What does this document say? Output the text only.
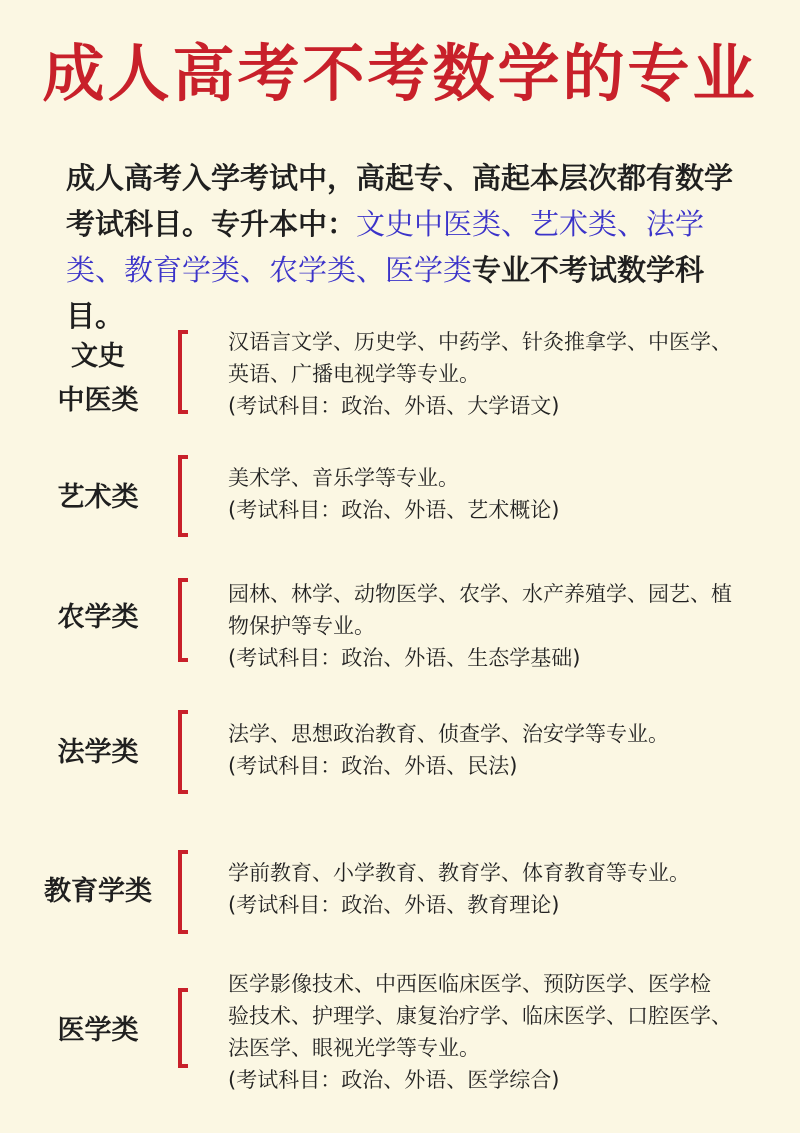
成人高考不考数学的专业
成人高考入学考试中，高起专、高起本层次都有数学考试科目。专升本中：文史中医类、艺术类、法学类、教育学类、农学类、医学类专业不考试数学科目。
文史
中医类
汉语言文学、历史学、中药学、针灸推拿学、中医学、
英语、广播电视学等专业。
(考试科目：政治、外语、大学语文)
艺术类
美术学、音乐学等专业。
(考试科目：政治、外语、艺术概论)
农学类
园林、林学、动物医学、农学、水产养殖学、园艺、植
物保护等专业。
(考试科目：政治、外语、生态学基础)
法学类
法学、思想政治教育、侦查学、治安学等专业。
(考试科目：政治、外语、民法)
教育学类
学前教育、小学教育、教育学、体育教育等专业。
(考试科目：政治、外语、教育理论)
医学类
医学影像技术、中西医临床医学、预防医学、医学检
验技术、护理学、康复治疗学、临床医学、口腔医学、
法医学、眼视光学等专业。
(考试科目：政治、外语、医学综合)
